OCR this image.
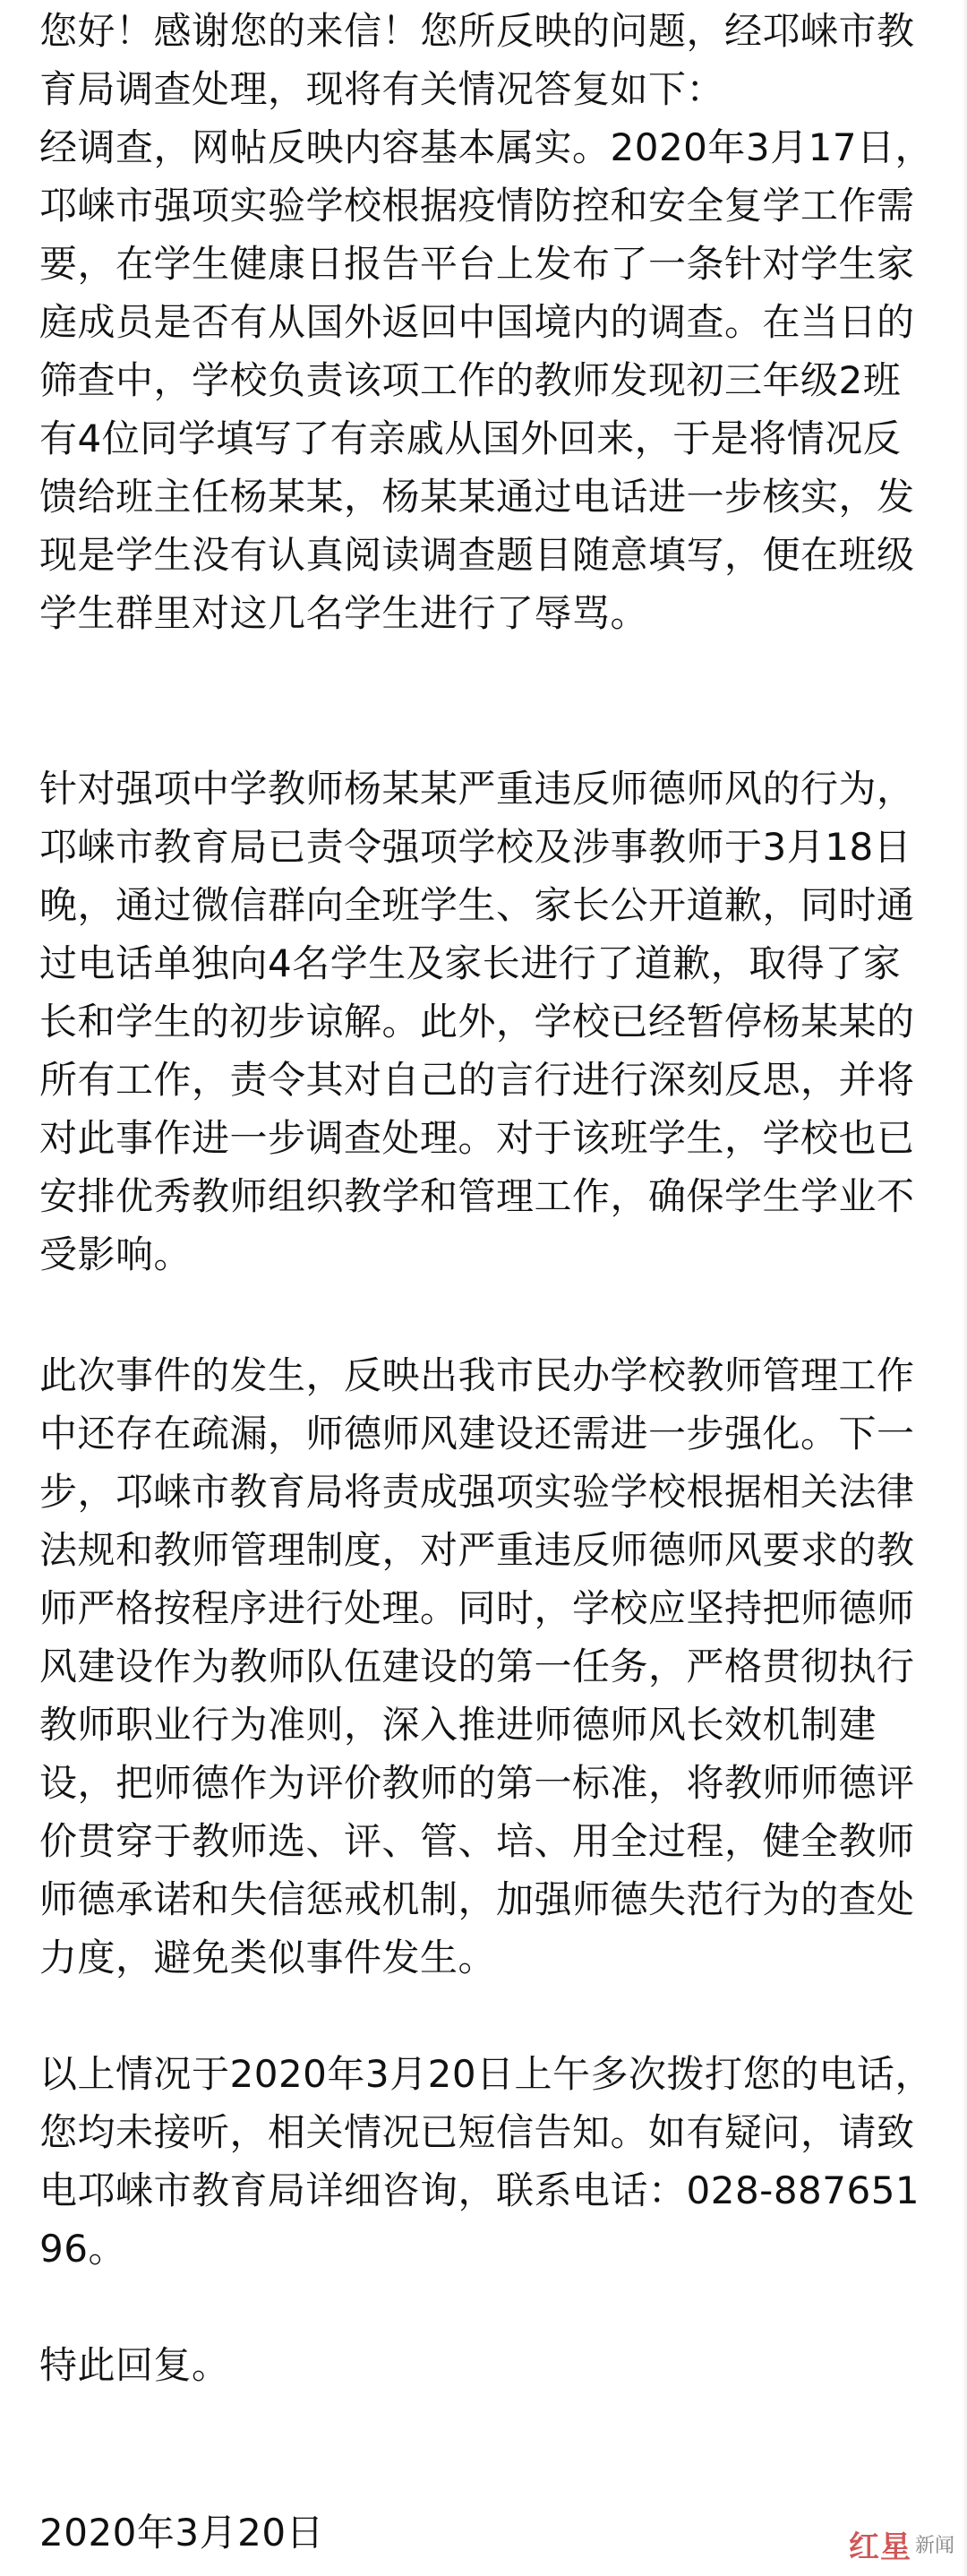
您好！感谢您的来信！您所反映的问题，经邛崃市教育局调查处理，现将有关情况答复如下：

经调查，网帖反映内容基本属实。2020年3月17日，邛崃市强项实验学校根据疫情防控和安全复学工作需要，在学生健康日报告平台上发布了一条针对学生家庭成员是否有从国外返回中国境内的调查。在当日的筛查中，学校负责该项工作的教师发现初三年级2班有4位同学填写了有亲戚从国外回来，于是将情况反馈给班主任杨某某，杨某某通过电话进一步核实，发现是学生没有认真阅读调查题目随意填写，便在班级学生群里对这几名学生进行了辱骂。

针对强项中学教师杨某某严重违反师德师风的行为，邛崃市教育局已责令强项学校及涉事教师于3月18日晚，通过微信群向全班学生、家长公开道歉，同时通过电话单独向4名学生及家长进行了道歉，取得了家长和学生的初步谅解。此外，学校已经暂停杨某某的所有工作，责令其对自己的言行进行深刻反思，并将对此事作进一步调查处理。对于该班学生，学校也已安排优秀教师组织教学和管理工作，确保学生学业不受影响。

此次事件的发生，反映出我市民办学校教师管理工作中还存在疏漏，师德师风建设还需进一步强化。下一步，邛崃市教育局将责成强项实验学校根据相关法律法规和教师管理制度，对严重违反师德师风要求的教师严格按程序进行处理。同时，学校应坚持把师德师风建设作为教师队伍建设的第一任务，严格贯彻执行教师职业行为准则，深入推进师德师风长效机制建设，把师德作为评价教师的第一标准，将教师师德评价贯穿于教师选、评、管、培、用全过程，健全教师师德承诺和失信惩戒机制，加强师德失范行为的查处力度，避免类似事件发生。

以上情况于2020年3月20日上午多次拨打您的电话，您均未接听，相关情况已短信告知。如有疑问，请致电邛崃市教育局详细咨询，联系电话：028-88765196。

特此回复。

2020年3月20日	红星 新闻
